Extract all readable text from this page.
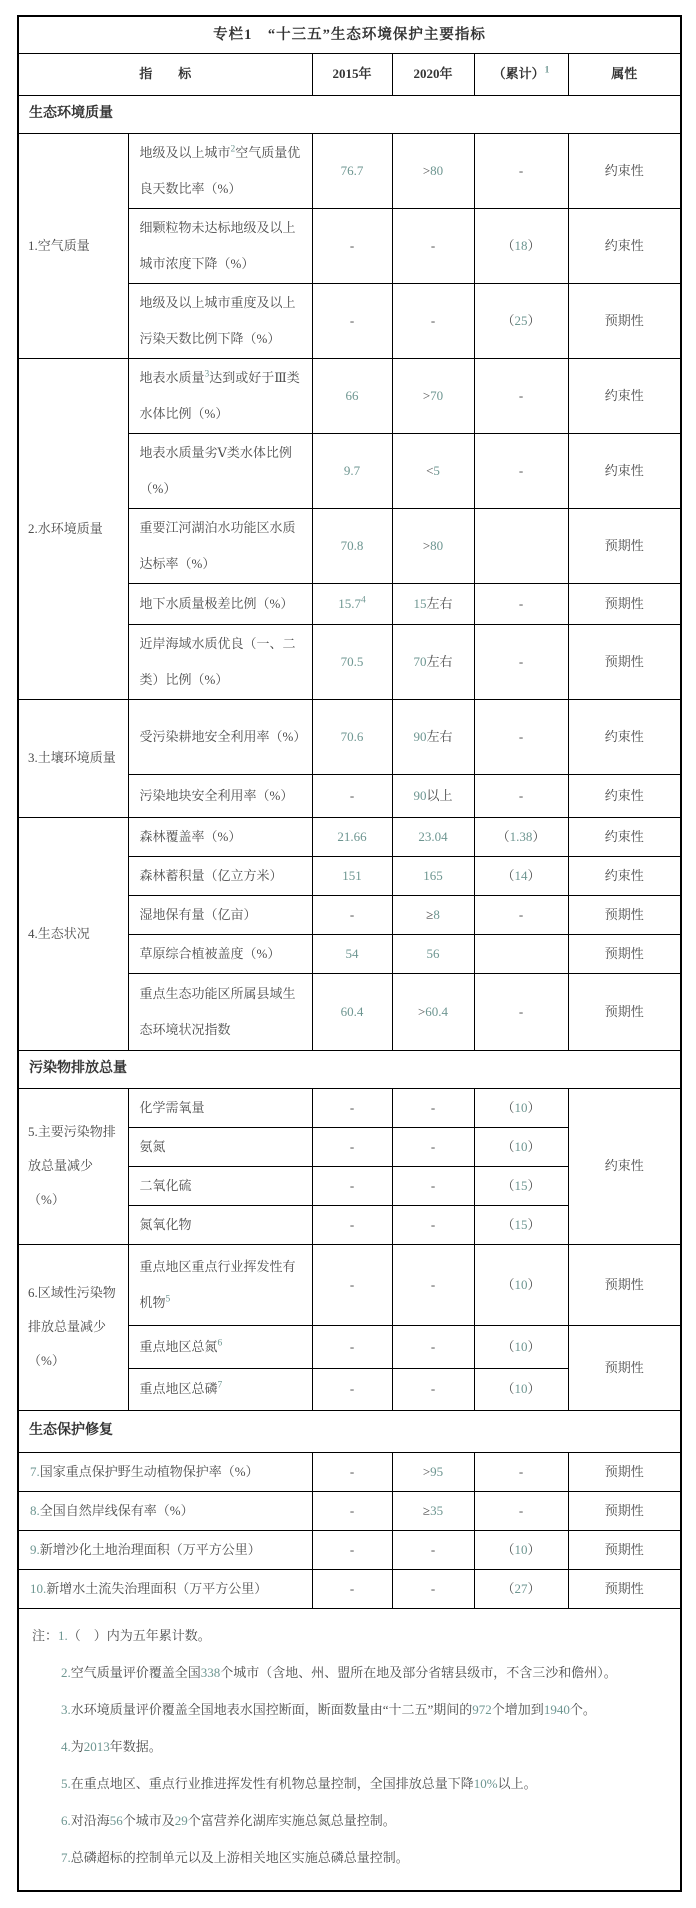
专栏1　“十三五”生态环境保护主要指标					
指　　标		2015年	2020年	（累计）$^1$	属性
生态环境质量					
1.空气质量	地级及以上城市$^2$空气质量优良天数比率（%）	76.7	>80	-	约束性
	细颗粒物未达标地级及以上城市浓度下降（%）	-	-	（18）	约束性
	地级及以上城市重度及以上污染天数比例下降（%）	-	-	（25）	预期性
2.水环境质量	地表水质量$^3$达到或好于Ⅲ类水体比例（%）	66	>70	-	约束性
	地表水质量劣Ⅴ类水体比例（%）	9.7	<5	-	约束性
	重要江河湖泊水功能区水质达标率（%）	70.8	>80		预期性
	地下水质量极差比例（%）	15.7$^4$	15左右	-	预期性
	近岸海域水质优良（一、二类）比例（%）	70.5	70左右	-	预期性
3.土壤环境质量	受污染耕地安全利用率（%）	70.6	90左右	-	约束性
	污染地块安全利用率（%）	-	90以上	-	约束性
4.生态状况	森林覆盖率（%）	21.66	23.04	（1.38）	约束性
	森林蓄积量（亿立方米）	151	165	（14）	约束性
	湿地保有量（亿亩）	-	≥8	-	预期性
	草原综合植被盖度（%）	54	56		预期性
	重点生态功能区所属县域生态环境状况指数	60.4	>60.4	-	预期性
污染物排放总量					
5.主要污染物排放总量减少（%）	化学需氧量	-	-	（10）	约束性
	氨氮	-	-	（10）	
	二氧化硫	-	-	（15）	
	氮氧化物	-	-	（15）	
6.区域性污染物排放总量减少（%）	重点地区重点行业挥发性有机物$^5$	-	-	（10）	预期性
	重点地区总氮$^6$	-	-	（10）	预期性
	重点地区总磷$^7$	-	-	（10）	
生态保护修复					
7.国家重点保护野生动植物保护率（%）		-	>95	-	预期性
8.全国自然岸线保有率（%）		-	≥35	-	预期性
9.新增沙化土地治理面积（万平方公里）		-	-	（10）	预期性
10.新增水土流失治理面积（万平方公里）		-	-	（27）	预期性

注：1.（　）内为五年累计数。
2.空气质量评价覆盖全国338个城市（含地、州、盟所在地及部分省辖县级市，不含三沙和儋州）。
3.水环境质量评价覆盖全国地表水国控断面，断面数量由“十二五”期间的972个增加到1940个。
4.为2013年数据。
5.在重点地区、重点行业推进挥发性有机物总量控制，全国排放总量下降10%以上。
6.对沿海56个城市及29个富营养化湖库实施总氮总量控制。
7.总磷超标的控制单元以及上游相关地区实施总磷总量控制。
